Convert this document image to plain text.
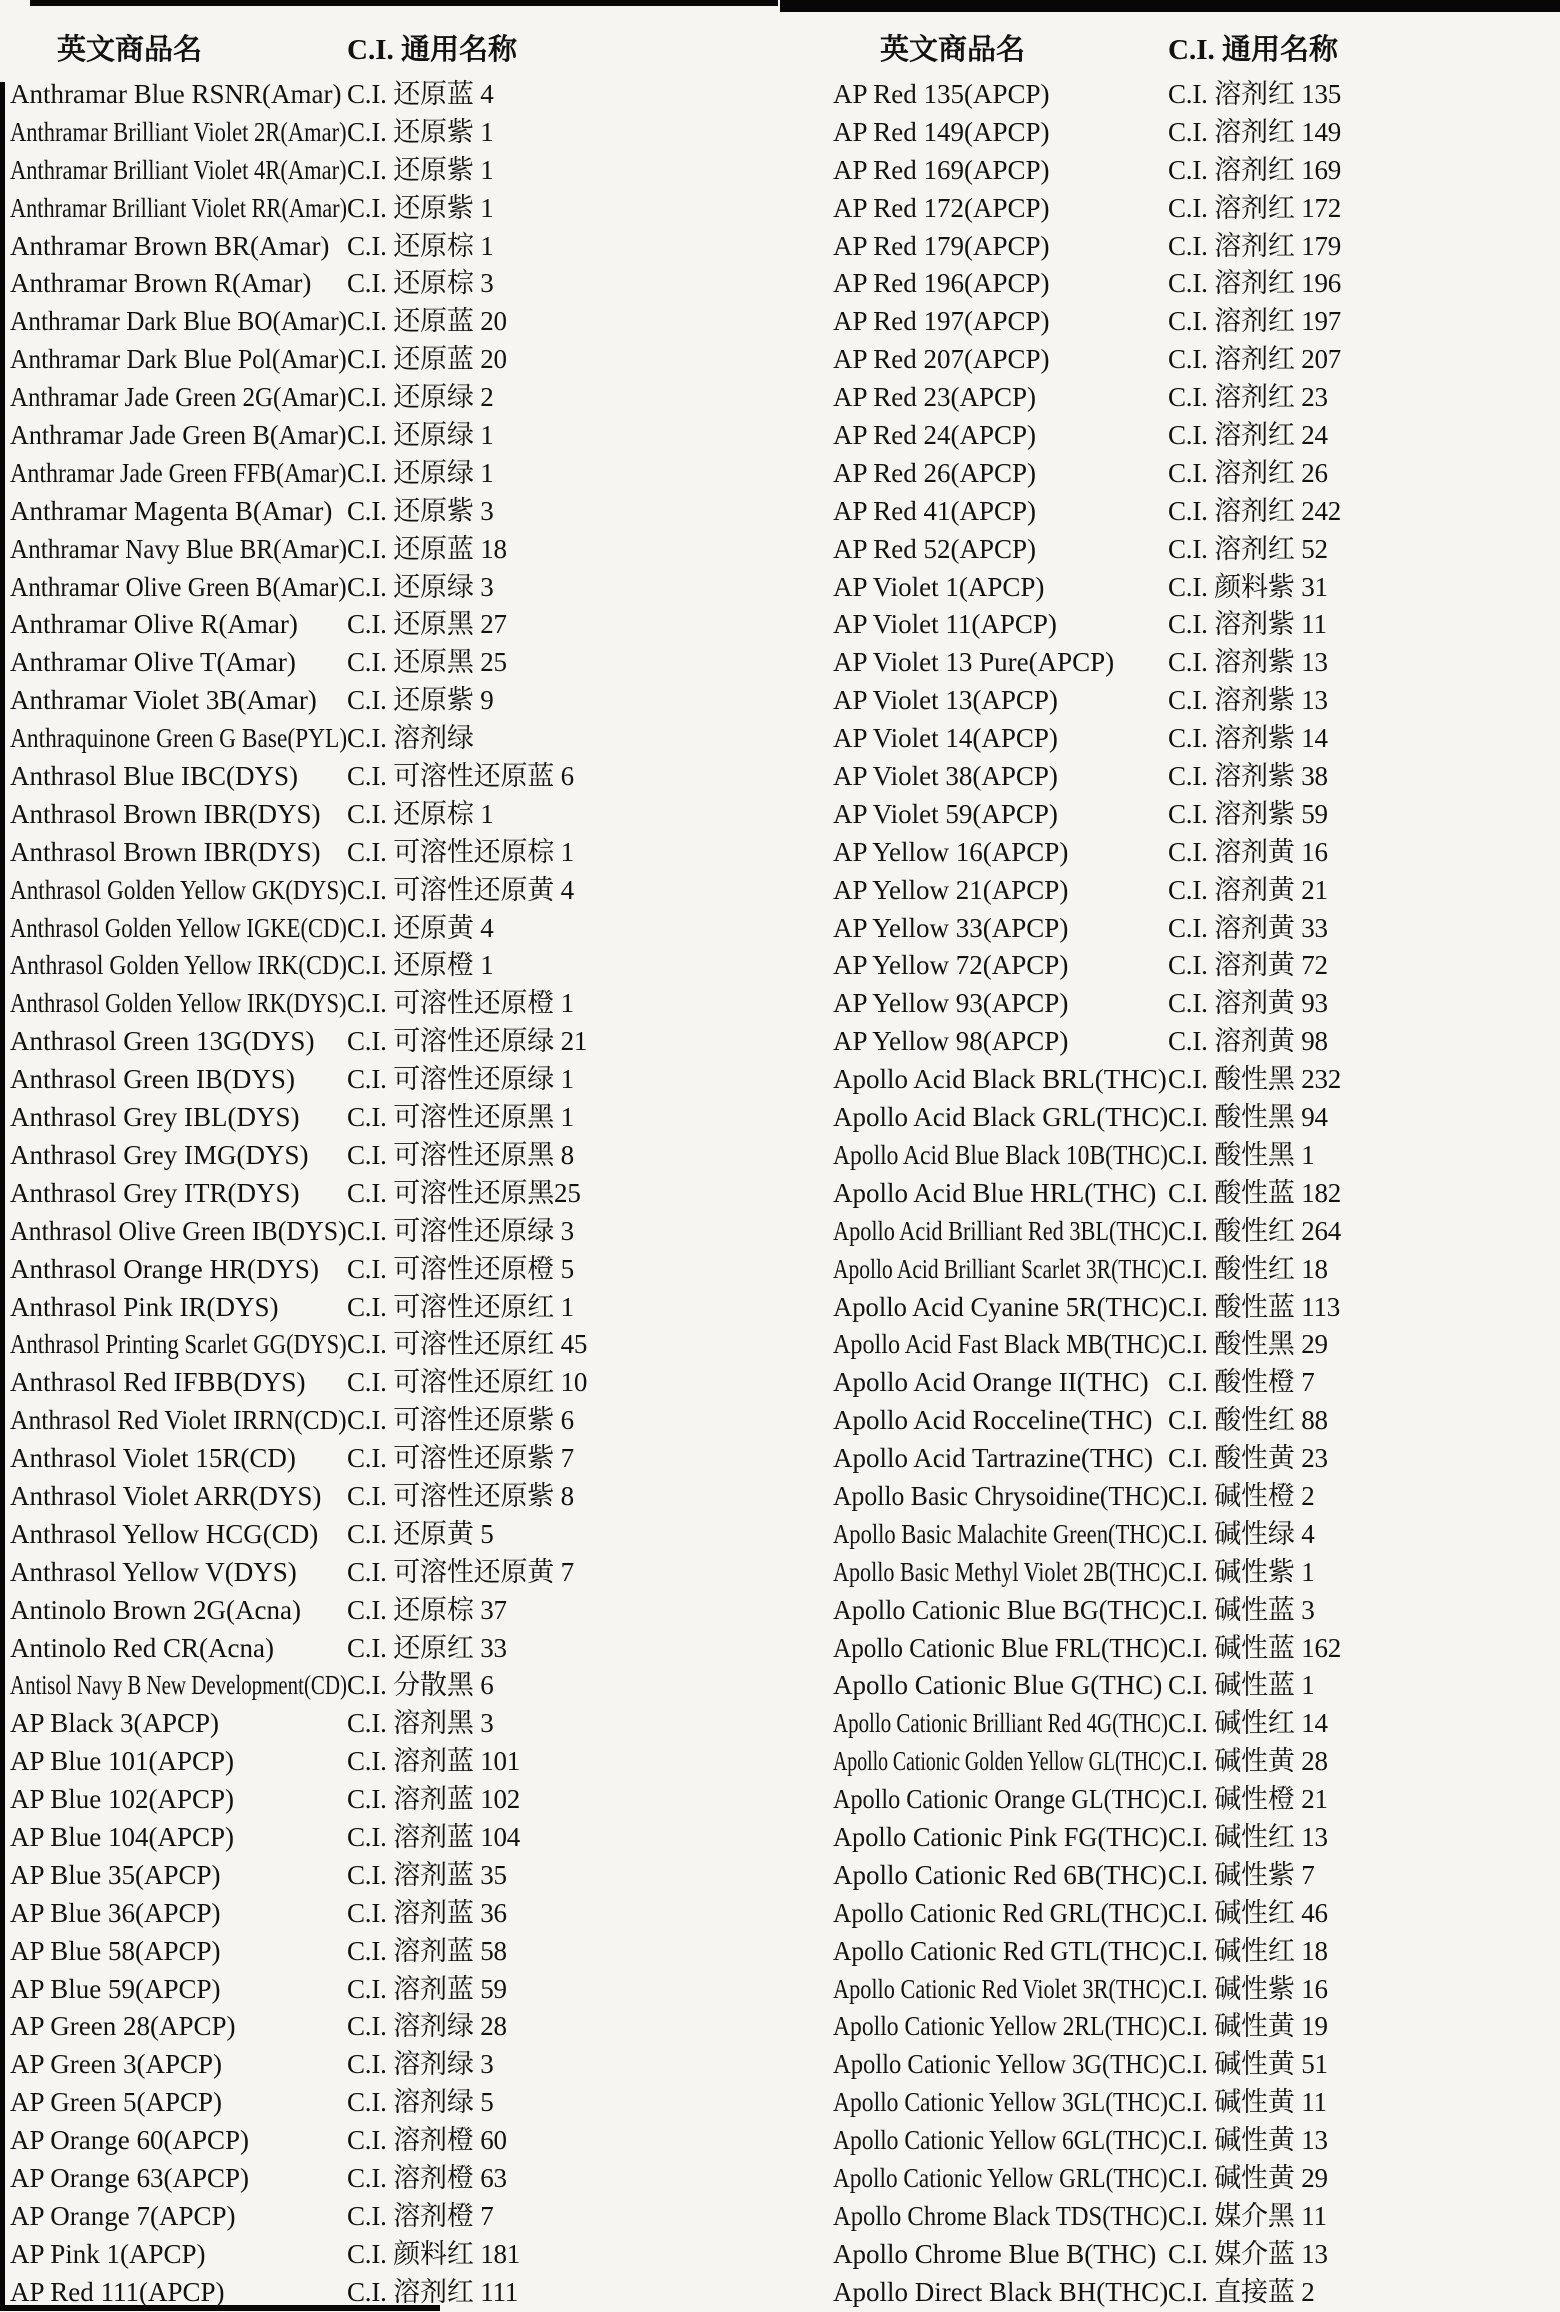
英文商品名	C.I. 通用名称
Anthramar Blue RSNR(Amar) C.I. 还原蓝 4
Anthramar Brilliant Violet 2R(Amar) C.I. 还原紫 1
Anthramar Brilliant Violet 4R(Amar) C.I. 还原紫 1
Anthramar Brilliant Violet RR(Amar) C.I. 还原紫 1
Anthramar Brown BR(Amar) C.I. 还原棕 1
Anthramar Brown R(Amar)	C.I. 还原棕 3
Anthramar Dark Blue BO(Amar) C.I. 还原蓝 20
Anthramar Dark Blue Pol(Amar) C.I. 还原蓝 20
Anthramar Jade Green 2G(Amar) C.I. 还原绿 2
Anthramar Jade Green B(Amar) C.I. 还原绿 1
Anthramar Jade Green FFB(Amar) C.I. 还原绿 1
Anthramar Magenta B(Amar) C.I. 还原紫 3
Anthramar Navy Blue BR(Amar) C.I. 还原蓝 18
Anthramar Olive Green B(Amar) C.I. 还原绿 3
Anthramar Olive R(Amar)	C.I. 还原黑 27
Anthramar Olive T(Amar)	C.I. 还原黑 25
Anthramar Violet 3B(Amar)	C.I. 还原紫 9
Anthraquinone Green G Base(PYL) C.I. 溶剂绿
Anthrasol Blue IBC(DYS)	C.I. 可溶性还原蓝 6
Anthrasol Brown IBR(DYS) C.I. 还原棕 1
Anthrasol Brown IBR(DYS) C.I. 可溶性还原棕 1
Anthrasol Golden Yellow GK(DYS) C.I. 可溶性还原黄 4
Anthrasol Golden Yellow IGKE(CD) C.I. 还原黄 4
Anthrasol Golden Yellow IRK(CD) C.I. 还原橙 1
Anthrasol Golden Yellow IRK(DYS) C.I. 可溶性还原橙 1
Anthrasol Green 13G(DYS)	C.I. 可溶性还原绿 21
Anthrasol Green IB(DYS)	C.I. 可溶性还原绿 1
Anthrasol Grey IBL(DYS)	C.I. 可溶性还原黑 1
Anthrasol Grey IMG(DYS)	C.I. 可溶性还原黑 8
Anthrasol Grey ITR(DYS)	C.I. 可溶性还原黑25
Anthrasol Olive Green IB(DYS) C.I. 可溶性还原绿 3
Anthrasol Orange HR(DYS)	C.I. 可溶性还原橙 5
Anthrasol Pink IR(DYS)	C.I. 可溶性还原红 1
Anthrasol Printing Scarlet GG(DYS) C.I. 可溶性还原红 45
Anthrasol Red IFBB(DYS)	C.I. 可溶性还原红 10
Anthrasol Red Violet IRRN(CD) C.I. 可溶性还原紫 6
Anthrasol Violet 15R(CD)	C.I. 可溶性还原紫 7
Anthrasol Violet ARR(DYS) C.I. 可溶性还原紫 8
Anthrasol Yellow HCG(CD)	C.I. 还原黄 5
Anthrasol Yellow V(DYS)	C.I. 可溶性还原黄 7
Antinolo Brown 2G(Acna)	C.I. 还原棕 37
Antinolo Red CR(Acna)	C.I. 还原红 33
Antisol Navy B New Development(CD) C.I. 分散黑 6
AP Black 3(APCP)	C.I. 溶剂黑 3
AP Blue 101(APCP)	C.I. 溶剂蓝 101
AP Blue 102(APCP)	C.I. 溶剂蓝 102
AP Blue 104(APCP)	C.I. 溶剂蓝 104
AP Blue 35(APCP)	C.I. 溶剂蓝 35
AP Blue 36(APCP)	C.I. 溶剂蓝 36
AP Blue 58(APCP)	C.I. 溶剂蓝 58
AP Blue 59(APCP)	C.I. 溶剂蓝 59
AP Green 28(APCP)	C.I. 溶剂绿 28
AP Green 3(APCP)	C.I. 溶剂绿 3
AP Green 5(APCP)	C.I. 溶剂绿 5
AP Orange 60(APCP)	C.I. 溶剂橙 60
AP Orange 63(APCP)	C.I. 溶剂橙 63
AP Orange 7(APCP)	C.I. 溶剂橙 7
AP Pink 1(APCP)	C.I. 颜料红 181
AP Red 111(APCP)	C.I. 溶剂红 111
英文商品名	C.I. 通用名称
AP Red 135(APCP)	C.I. 溶剂红 135
AP Red 149(APCP)	C.I. 溶剂红 149
AP Red 169(APCP)	C.I. 溶剂红 169
AP Red 172(APCP)	C.I. 溶剂红 172
AP Red 179(APCP)	C.I. 溶剂红 179
AP Red 196(APCP)	C.I. 溶剂红 196
AP Red 197(APCP)	C.I. 溶剂红 197
AP Red 207(APCP)	C.I. 溶剂红 207
AP Red 23(APCP)	C.I. 溶剂红 23
AP Red 24(APCP)	C.I. 溶剂红 24
AP Red 26(APCP)	C.I. 溶剂红 26
AP Red 41(APCP)	C.I. 溶剂红 242
AP Red 52(APCP)	C.I. 溶剂红 52
AP Violet 1(APCP)	C.I. 颜料紫 31
AP Violet 11(APCP)	C.I. 溶剂紫 11
AP Violet 13 Pure(APCP)	C.I. 溶剂紫 13
AP Violet 13(APCP)	C.I. 溶剂紫 13
AP Violet 14(APCP)	C.I. 溶剂紫 14
AP Violet 38(APCP)	C.I. 溶剂紫 38
AP Violet 59(APCP)	C.I. 溶剂紫 59
AP Yellow 16(APCP)	C.I. 溶剂黄 16
AP Yellow 21(APCP)	C.I. 溶剂黄 21
AP Yellow 33(APCP)	C.I. 溶剂黄 33
AP Yellow 72(APCP)	C.I. 溶剂黄 72
AP Yellow 93(APCP)	C.I. 溶剂黄 93
AP Yellow 98(APCP)	C.I. 溶剂黄 98
Apollo Acid Black BRL(THC) C.I. 酸性黑 232
Apollo Acid Black GRL(THC) C.I. 酸性黑 94
Apollo Acid Blue Black 10B(THC) C.I. 酸性黑 1
Apollo Acid Blue HRL(THC) C.I. 酸性蓝 182
Apollo Acid Brilliant Red 3BL(THC) C.I. 酸性红 264
Apollo Acid Brilliant Scarlet 3R(THC) C.I. 酸性红 18
Apollo Acid Cyanine 5R(THC) C.I. 酸性蓝 113
Apollo Acid Fast Black MB(THC) C.I. 酸性黑 29
Apollo Acid Orange II(THC) C.I. 酸性橙 7
Apollo Acid Rocceline(THC) C.I. 酸性红 88
Apollo Acid Tartrazine(THC) C.I. 酸性黄 23
Apollo Basic Chrysoidine(THC) C.I. 碱性橙 2
Apollo Basic Malachite Green(THC) C.I. 碱性绿 4
Apollo Basic Methyl Violet 2B(THC) C.I. 碱性紫 1
Apollo Cationic Blue BG(THC) C.I. 碱性蓝 3
Apollo Cationic Blue FRL(THC) C.I. 碱性蓝 162
Apollo Cationic Blue G(THC) C.I. 碱性蓝 1
Apollo Cationic Brilliant Red 4G(THC) C.I. 碱性红 14
Apollo Cationic Golden Yellow GL(THC) C.I. 碱性黄 28
Apollo Cationic Orange GL(THC) C.I. 碱性橙 21
Apollo Cationic Pink FG(THC) C.I. 碱性红 13
Apollo Cationic Red 6B(THC) C.I. 碱性紫 7
Apollo Cationic Red GRL(THC) C.I. 碱性红 46
Apollo Cationic Red GTL(THC) C.I. 碱性红 18
Apollo Cationic Red Violet 3R(THC) C.I. 碱性紫 16
Apollo Cationic Yellow 2RL(THC) C.I. 碱性黄 19
Apollo Cationic Yellow 3G(THC) C.I. 碱性黄 51
Apollo Cationic Yellow 3GL(THC) C.I. 碱性黄 11
Apollo Cationic Yellow 6GL(THC) C.I. 碱性黄 13
Apollo Cationic Yellow GRL(THC) C.I. 碱性黄 29
Apollo Chrome Black TDS(THC) C.I. 媒介黑 11
Apollo Chrome Blue B(THC) C.I. 媒介蓝 13
Apollo Direct Black BH(THC) C.I. 直接蓝 2
